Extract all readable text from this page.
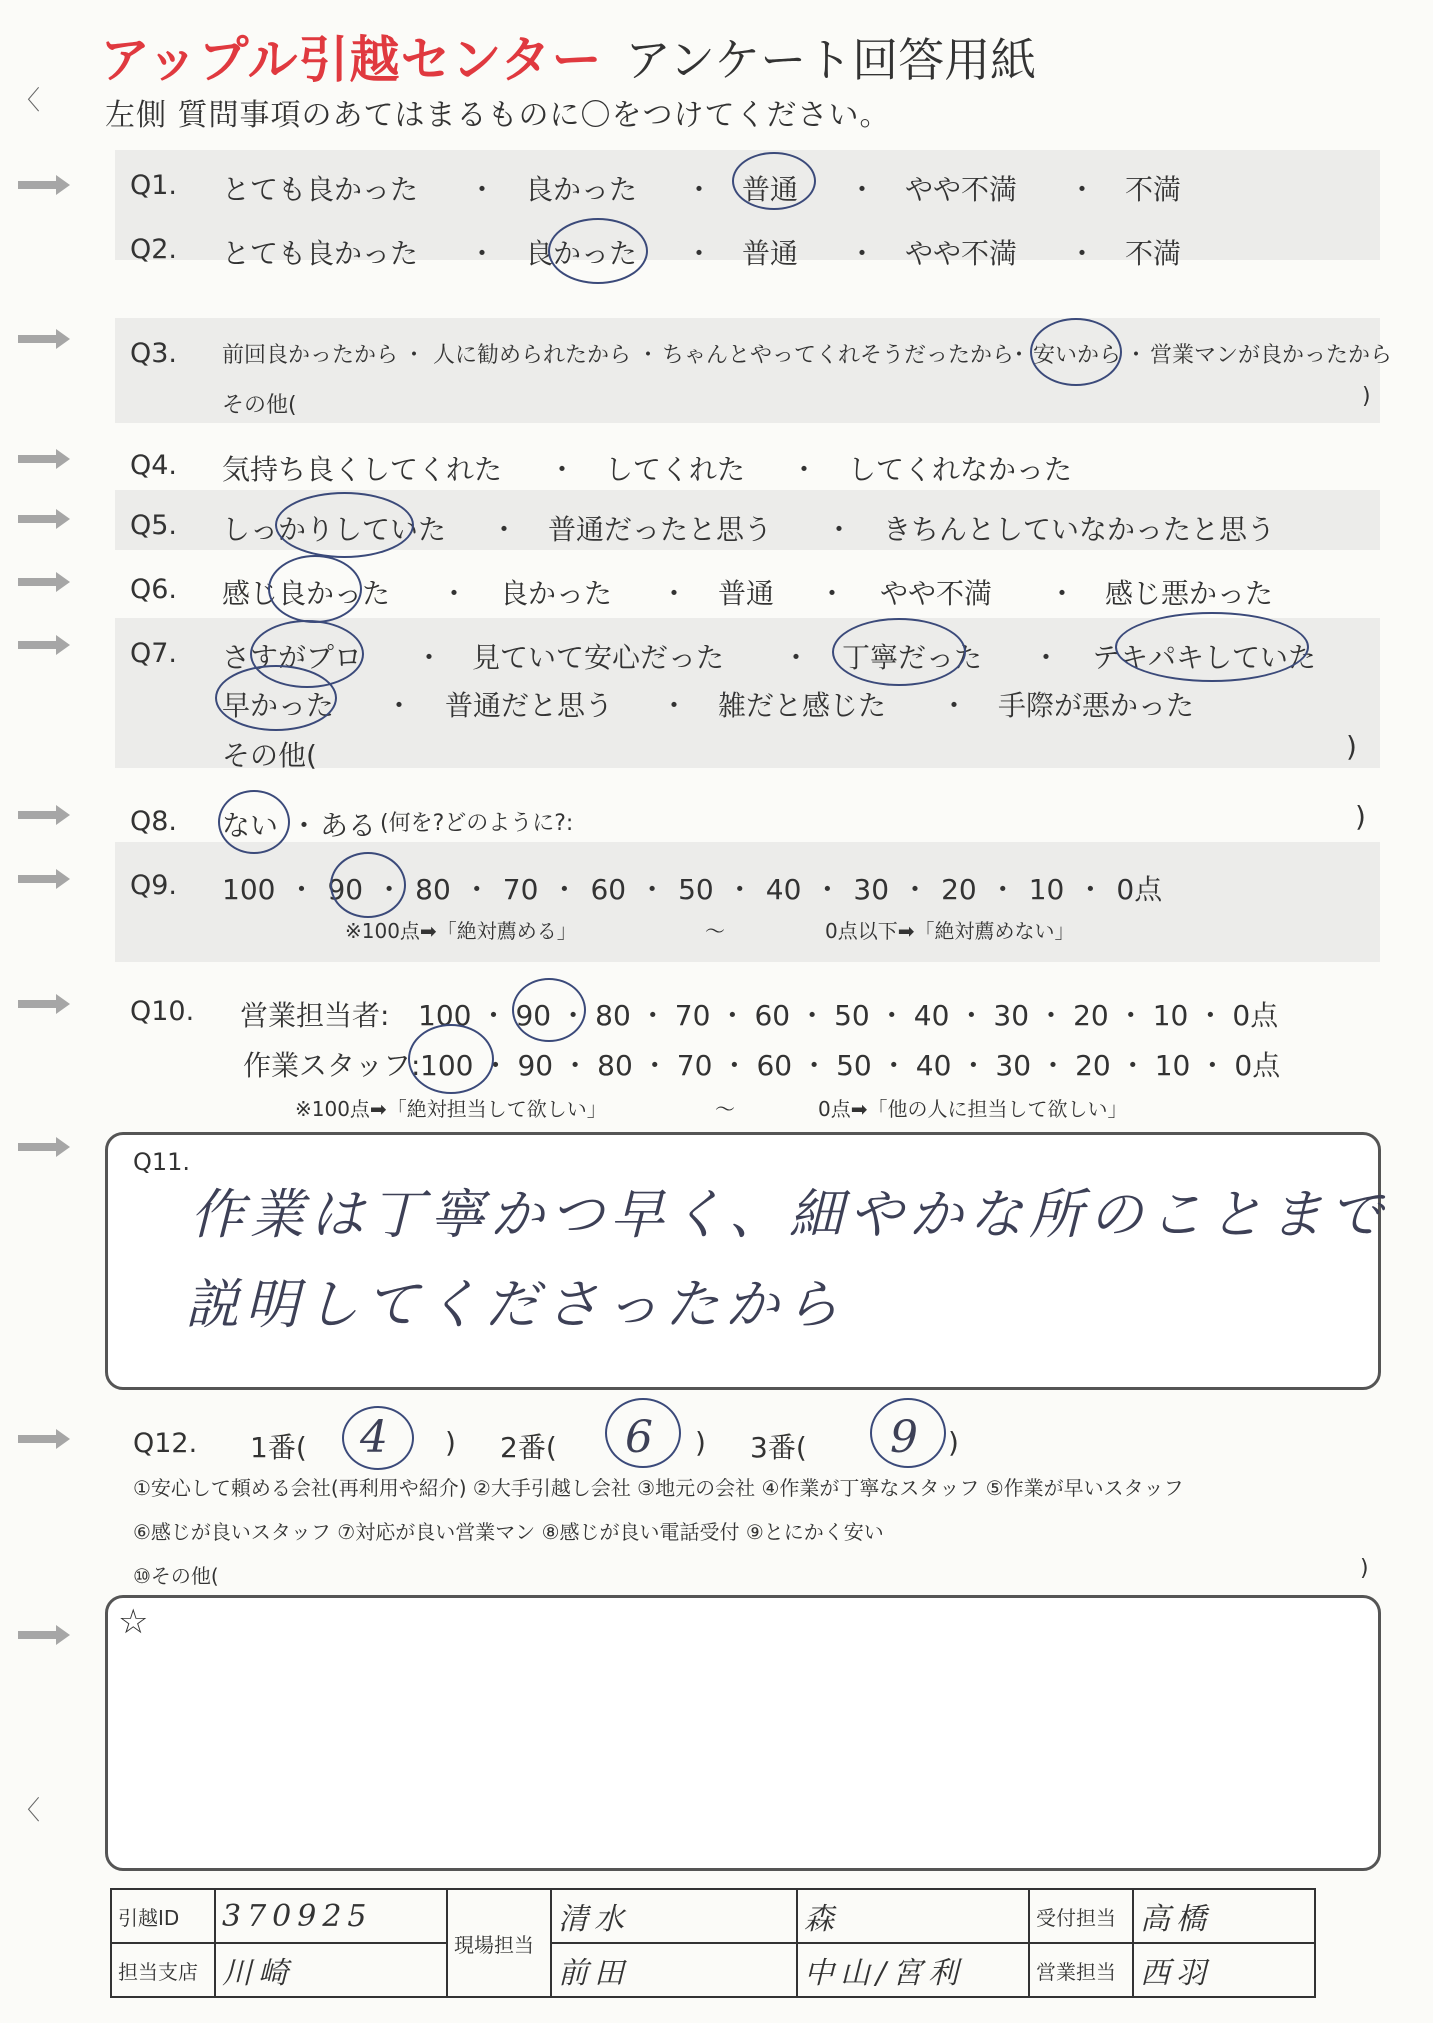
アップル引越センター アンケート回答用紙
左側 質問事項のあてはまるものに〇をつけてください。
〈
〈
Q1. とても良かった ・ 良かった ・ 普通 ・ やや不満 ・ 不満
Q2. とても良かった ・ 良かった ・ 普通 ・ やや不満 ・ 不満
Q3. 前回良かったから ・ 人に勧められたから ・ ちゃんとやってくれそうだったから
・ 安いから ・ 営業マンが良かったから
その他(	)
Q4. 気持ち良くしてくれた ・ してくれた ・ してくれなかった
Q5. しっかりしていた ・ 普通だったと思う ・ きちんとしていなかったと思う
Q6. 感じ良かった ・ 良かった ・ 普通 ・ やや不満 ・ 感じ悪かった
Q7. さすがプロ ・ 見ていて安心だった ・ 丁寧だった ・ テキパキしていた
早かった ・ 普通だと思う ・ 雑だと感じた ・ 手際が悪かった
その他(	)
Q8. ない ・ ある (何を?どのように?:	)
Q9. 100 ・ 90 ・ 80 ・ 70 ・ 60 ・ 50 ・ 40 ・ 30 ・ 20 ・ 10 ・ 0点
※100点➡「絶対薦める」	〜	0点以下➡「絶対薦めない」
Q10. 営業担当者: 100 ・ 90 ・ 80 ・ 70 ・ 60 ・ 50 ・ 40 ・ 30 ・ 20 ・ 10 ・ 0点
作業スタッフ: 100 ・ 90 ・ 80 ・ 70 ・ 60 ・ 50 ・ 40 ・ 30 ・ 20 ・ 10 ・ 0点
※100点➡「絶対担当して欲しい」	〜	0点➡「他の人に担当して欲しい」
Q11.
作業は丁寧かつ早く、細やかな所のことまで
説明してくださったから
Q12. 1番( 4 ) 2番( 6 ) 3番( 9 )
①安心して頼める会社(再利用や紹介) ②大手引越し会社 ③地元の会社 ④作業が丁寧なスタッフ ⑤作業が早いスタッフ
⑥感じが良いスタッフ ⑦対応が良い営業マン ⑧感じが良い電話受付 ⑨とにかく安い
⑩その他(	)
☆
引越ID	370925	現場担当	清水	森	受付担当	高橋
担当支店	川崎		前田	中山/宮利	営業担当	西羽
